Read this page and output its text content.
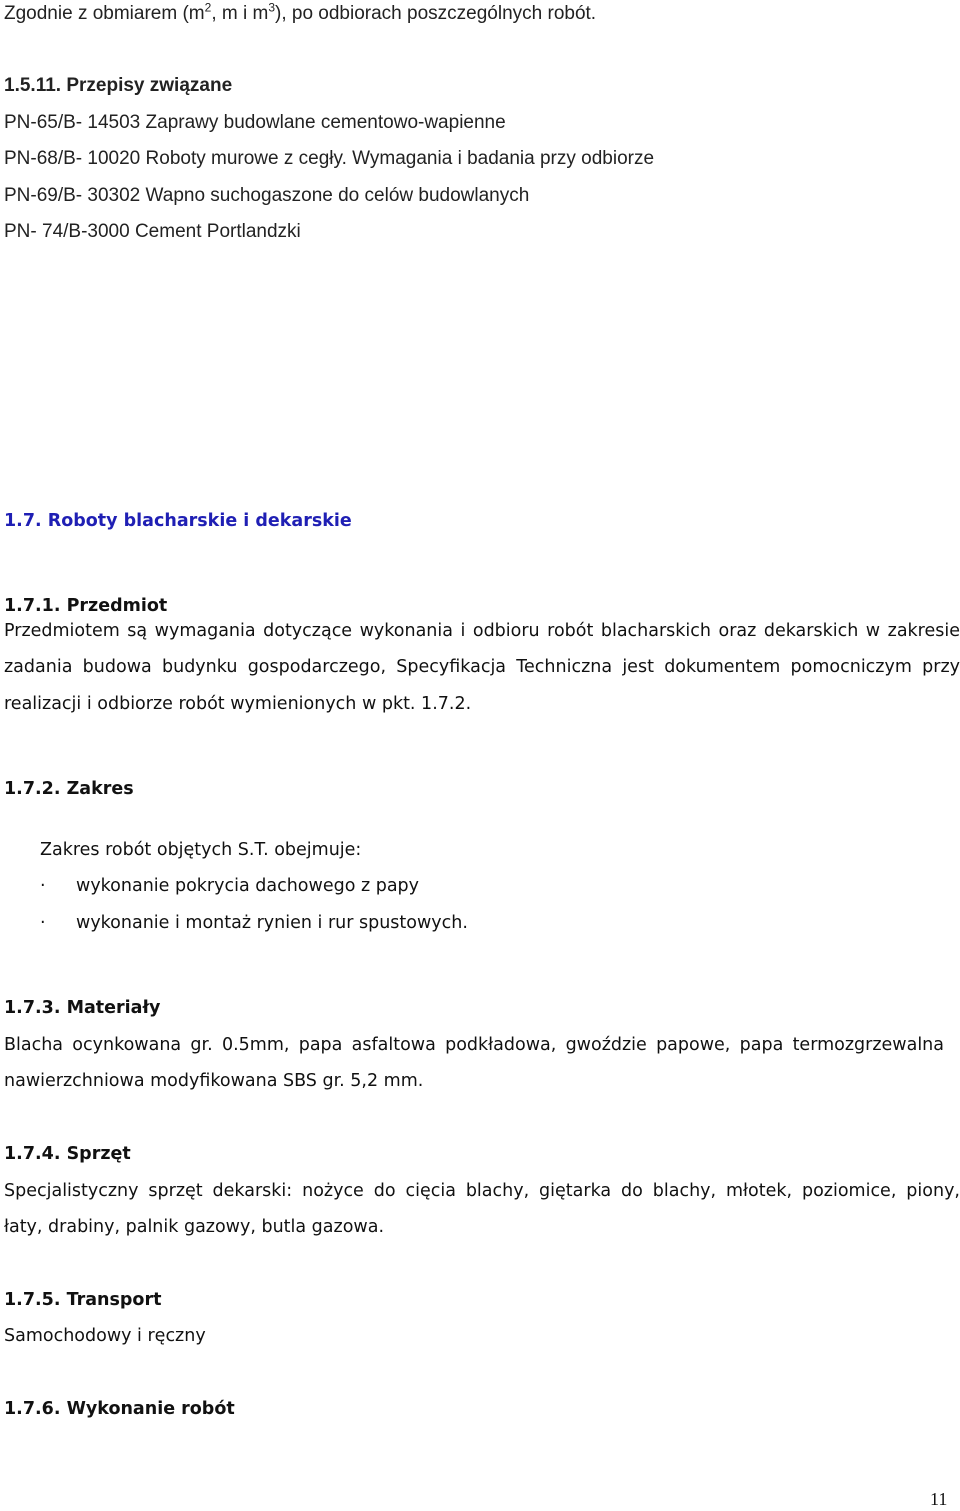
Zgodnie z obmiarem ($m^2$, m i $m^3$), po odbiorach poszczególnych robót.
1.5.11. Przepisy związane
PN-65/B- 14503 Zaprawy budowlane cementowo-wapienne
PN-68/B- 10020 Roboty murowe z cegły. Wymagania i badania przy odbiorze
PN-69/B- 30302 Wapno suchogaszone do celów budowlanych
PN- 74/B-3000 Cement Portlandzki
1.7. Roboty blacharskie i dekarskie
1.7.1. Przedmiot
Przedmiotem są wymagania dotyczące wykonania i odbioru robót blacharskich oraz dekarskich w zakresie
zadania budowa budynku gospodarczego, Specyfikacja Techniczna jest dokumentem pomocniczym przy
realizacji i odbiorze robót wymienionych w pkt. 1.7.2.
1.7.2. Zakres
Zakres robót objętych S.T. obejmuje:
· wykonanie pokrycia dachowego z papy
· wykonanie i montaż rynien i rur spustowych.
1.7.3. Materiały
Blacha ocynkowana gr. 0.5mm, papa asfaltowa podkładowa, gwoździe papowe, papa termozgrzewalna
nawierzchniowa modyfikowana SBS gr. 5,2 mm.
1.7.4. Sprzęt
Specjalistyczny sprzęt dekarski: nożyce do cięcia blachy, giętarka do blachy, młotek, poziomice, piony,
łaty, drabiny, palnik gazowy, butla gazowa.
1.7.5. Transport
Samochodowy i ręczny
1.7.6. Wykonanie robót
11
